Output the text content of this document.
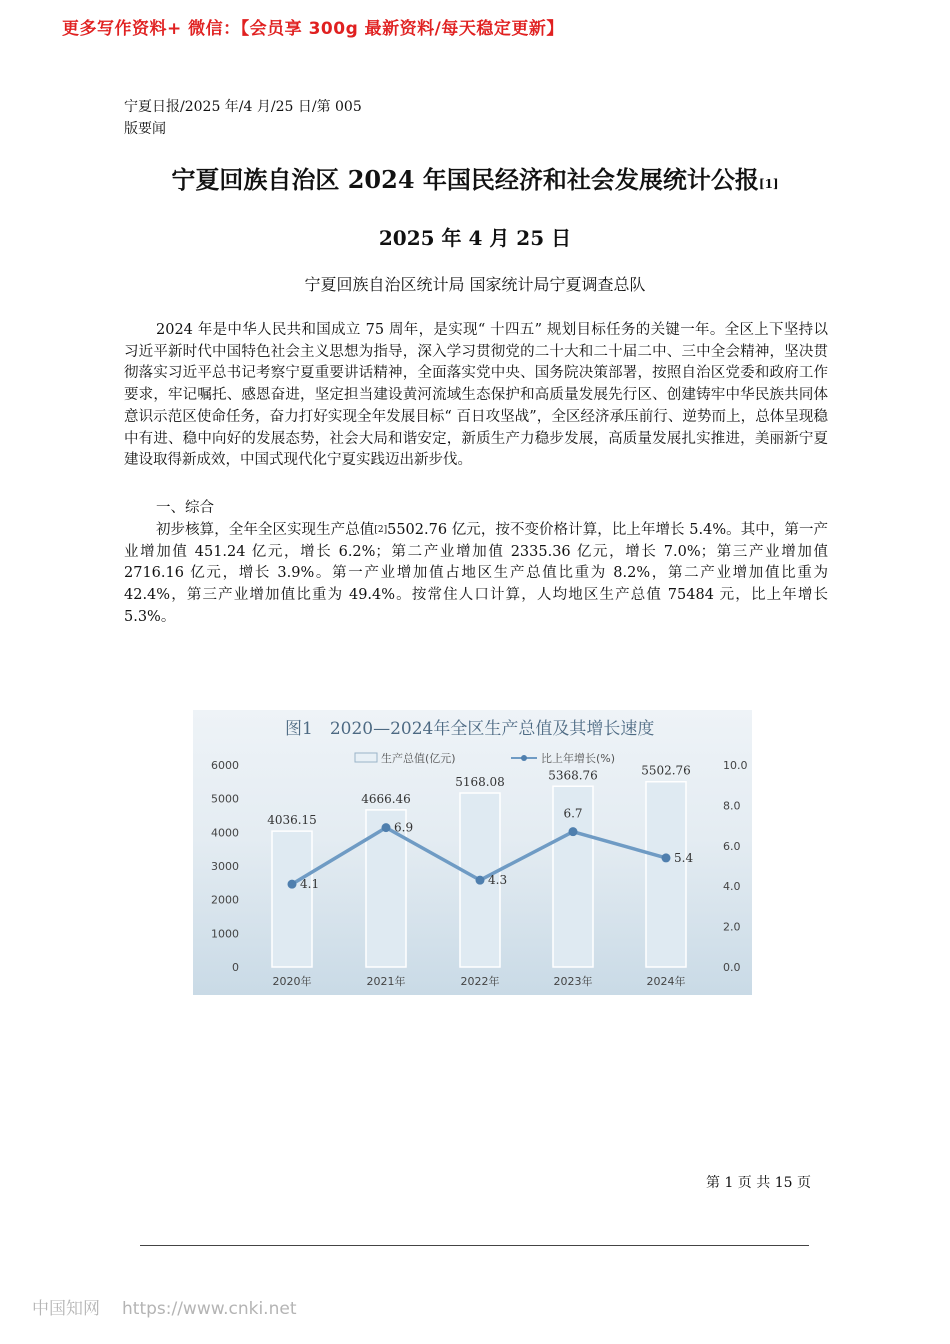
更多写作资料+ 微信：【会员享 300g 最新资料/每天稳定更新】
宁夏日报/2025 年/4 月/25 日/第 005
版要闻
宁夏回族自治区 2024 年国民经济和社会发展统计公报[1]
2025 年 4 月 25 日
宁夏回族自治区统计局 国家统计局宁夏调查总队
2024 年是中华人民共和国成立 75 周年，是实现“ 十四五” 规划目标任务的关键一年。全区上下坚持以习近平新时代中国特色社会主义思想为指导，深入学习贯彻党的二十大和二十届二中、三中全会精神，坚决贯彻落实习近平总书记考察宁夏重要讲话精神，全面落实党中央、国务院决策部署，按照自治区党委和政府工作要求，牢记嘱托、感恩奋进，坚定担当建设黄河流域生态保护和高质量发展先行区、创建铸牢中华民族共同体意识示范区使命任务，奋力打好实现全年发展目标“ 百日攻坚战”，全区经济承压前行、逆势而上，总体呈现稳中有进、稳中向好的发展态势，社会大局和谐安定，新质生产力稳步发展，高质量发展扎实推进，美丽新宁夏建设取得新成效，中国式现代化宁夏实践迈出新步伐。
一、综合
初步核算，全年全区实现生产总值[2]5502.76 亿元，按不变价格计算，比上年增长 5.4%。其中，第一产业增加值 451.24 亿元，增长 6.2%；第二产业增加值 2335.36 亿元，增长 7.0%；第三产业增加值 2716.16 亿元，增长 3.9%。第一产业增加值占地区生产总值比重为 8.2%，第二产业增加值比重为 42.4%，第三产业增加值比重为 49.4%。按常住人口计算，人均地区生产总值 75484 元，比上年增长 5.3%。
图1　2020—2024年全区生产总值及其增长速度
生产总值(亿元)	比上年增长(%)
0
1000
2000
3000
4000
5000
6000
0.0
2.0
4.0
6.0
8.0
10.0
4036.15
4666.46
5168.08	5368.76	5502.76
4.1
6.9
4.3
6.7
5.4
2020年	2021年	2022年	2023年	2024年
第 1 页 共 15 页
中国知网 https://www.cnki.net
